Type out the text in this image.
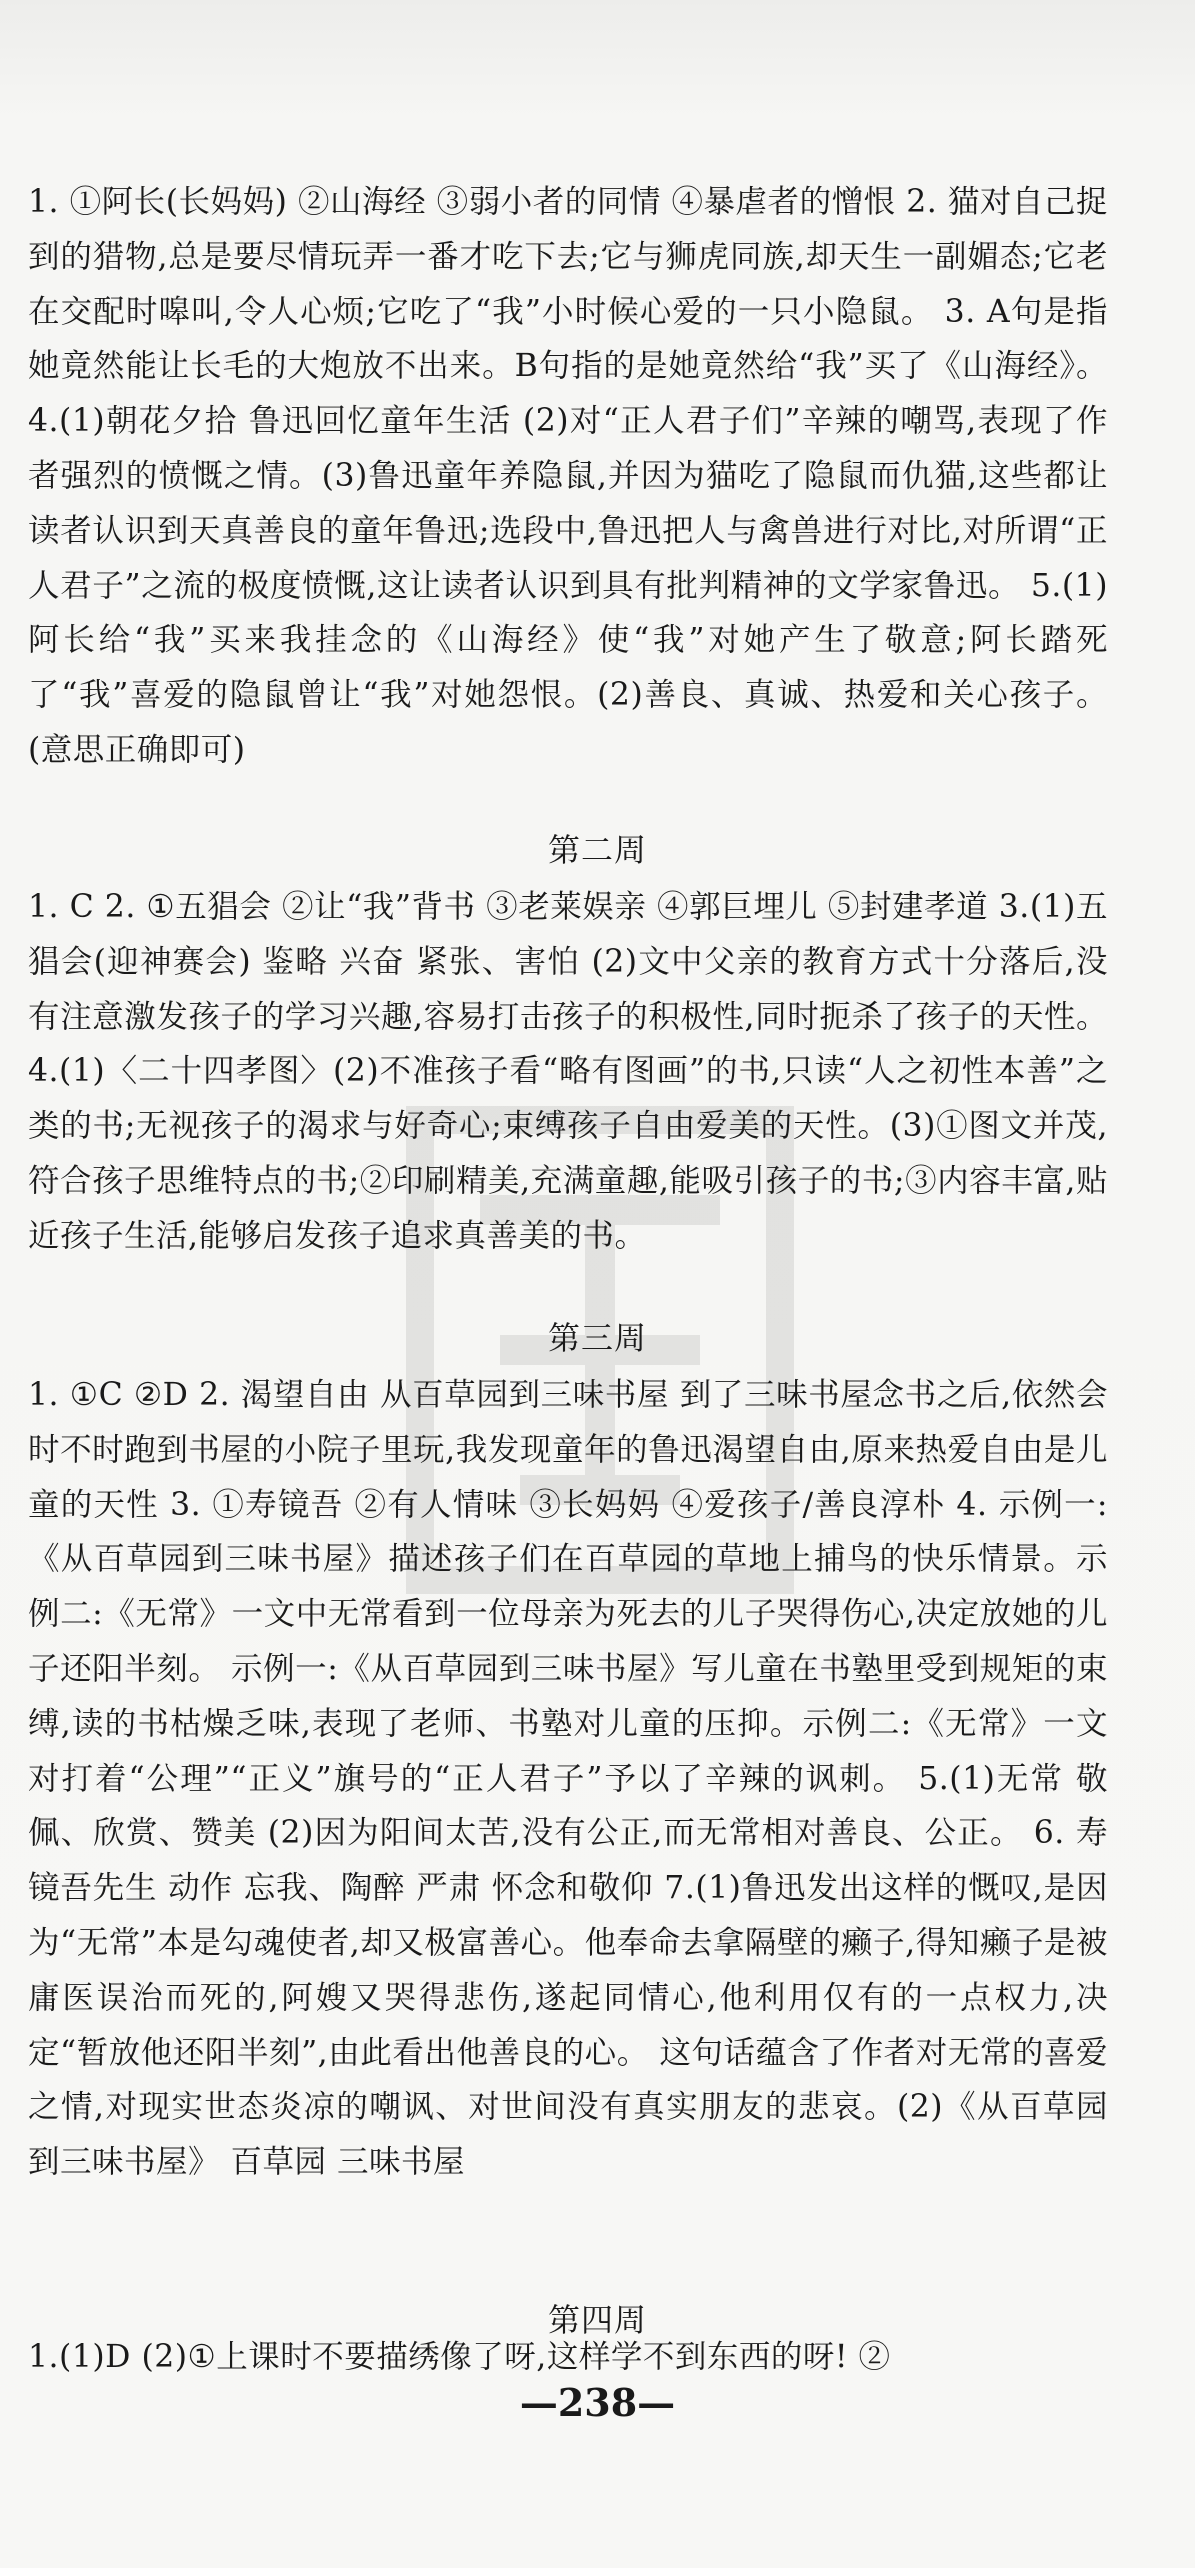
1. ①阿长(长妈妈) ②山海经 ③弱小者的同情 ④暴虐者的憎恨 2. 猫对自己捉到的猎物,总是要尽情玩弄一番才吃下去;它与狮虎同族,却天生一副媚态;它老在交配时嗥叫,令人心烦;它吃了“我”小时候心爱的一只小隐鼠。 3. A句是指她竟然能让长毛的大炮放不出来。B句指的是她竟然给“我”买了《山海经》。 4.(1)朝花夕拾 鲁迅回忆童年生活 (2)对“正人君子们”辛辣的嘲骂,表现了作者强烈的愤慨之情。(3)鲁迅童年养隐鼠,并因为猫吃了隐鼠而仇猫,这些都让读者认识到天真善良的童年鲁迅;选段中,鲁迅把人与禽兽进行对比,对所谓“正人君子”之流的极度愤慨,这让读者认识到具有批判精神的文学家鲁迅。 5.(1)阿长给“我”买来我挂念的《山海经》使“我”对她产生了敬意;阿长踏死了“我”喜爱的隐鼠曾让“我”对她怨恨。(2)善良、真诚、热爱和关心孩子。(意思正确即可)
第二周
1. C 2. ①五猖会 ②让“我”背书 ③老莱娱亲 ④郭巨埋儿 ⑤封建孝道 3.(1)五猖会(迎神赛会) 鉴略 兴奋 紧张、害怕 (2)文中父亲的教育方式十分落后,没有注意激发孩子的学习兴趣,容易打击孩子的积极性,同时扼杀了孩子的天性。 4.(1)〈二十四孝图〉(2)不准孩子看“略有图画”的书,只读“人之初性本善”之类的书;无视孩子的渴求与好奇心;束缚孩子自由爱美的天性。(3)①图文并茂,符合孩子思维特点的书;②印刷精美,充满童趣,能吸引孩子的书;③内容丰富,贴近孩子生活,能够启发孩子追求真善美的书。
第三周
1. ①C ②D 2. 渴望自由 从百草园到三味书屋 到了三味书屋念书之后,依然会时不时跑到书屋的小院子里玩,我发现童年的鲁迅渴望自由,原来热爱自由是儿童的天性 3. ①寿镜吾 ②有人情味 ③长妈妈 ④爱孩子/善良淳朴 4. 示例一:《从百草园到三味书屋》描述孩子们在百草园的草地上捕鸟的快乐情景。示例二:《无常》一文中无常看到一位母亲为死去的儿子哭得伤心,决定放她的儿子还阳半刻。 示例一:《从百草园到三味书屋》写儿童在书塾里受到规矩的束缚,读的书枯燥乏味,表现了老师、书塾对儿童的压抑。示例二:《无常》一文对打着“公理”“正义”旗号的“正人君子”予以了辛辣的讽刺。 5.(1)无常 敬佩、欣赏、赞美 (2)因为阳间太苦,没有公正,而无常相对善良、公正。 6. 寿镜吾先生 动作 忘我、陶醉 严肃 怀念和敬仰 7.(1)鲁迅发出这样的慨叹,是因为“无常”本是勾魂使者,却又极富善心。他奉命去拿隔壁的癞子,得知癞子是被庸医误治而死的,阿嫂又哭得悲伤,遂起同情心,他利用仅有的一点权力,决定“暂放他还阳半刻”,由此看出他善良的心。 这句话蕴含了作者对无常的喜爱之情,对现实世态炎凉的嘲讽、对世间没有真实朋友的悲哀。(2)《从百草园到三味书屋》 百草园 三味书屋
第四周
1.(1)D (2)①上课时不要描绣像了呀,这样学不到东西的呀! ②
—238—
